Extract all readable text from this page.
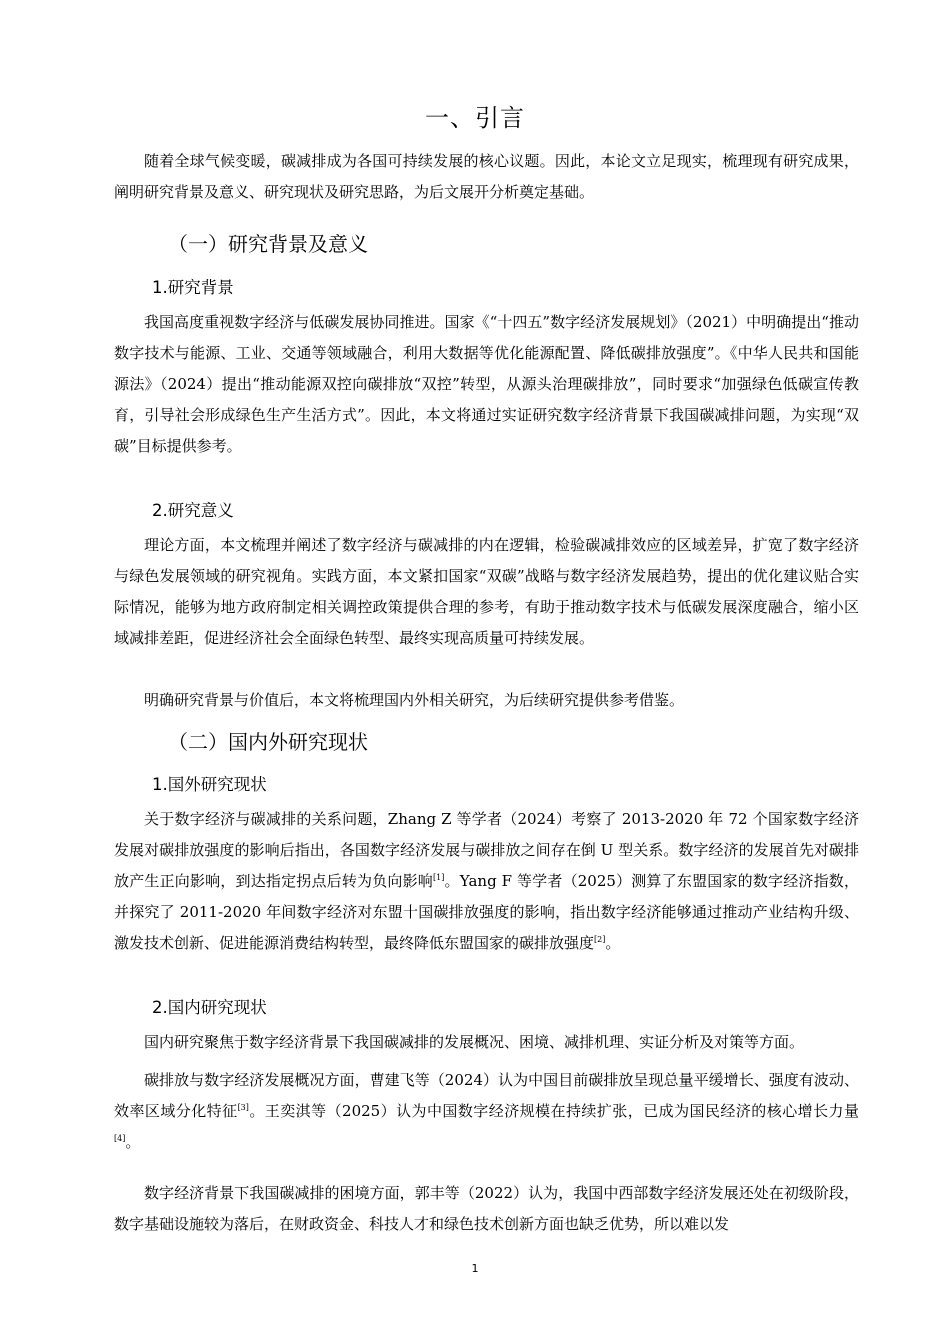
一、引言

随着全球气候变暖，碳减排成为各国可持续发展的核心议题。因此，本论文立足现实，梳理现有研究成果，阐明研究背景及意义、研究现状及研究思路，为后文展开分析奠定基础。

（一）研究背景及意义
1.研究背景

我国高度重视数字经济与低碳发展协同推进。国家《“十四五”数字经济发展规划》（2021）中明确提出“推动数字技术与能源、工业、交通等领域融合，利用大数据等优化能源配置、降低碳排放强度”。《中华人民共和国能源法》（2024）提出“推动能源双控向碳排放“双控”转型，从源头治理碳排放”，同时要求“加强绿色低碳宣传教育，引导社会形成绿色生产生活方式”。因此，本文将通过实证研究数字经济背景下我国碳减排问题，为实现“双碳”目标提供参考。

2.研究意义

理论方面，本文梳理并阐述了数字经济与碳减排的内在逻辑，检验碳减排效应的区域差异，扩宽了数字经济与绿色发展领域的研究视角。实践方面，本文紧扣国家“双碳”战略与数字经济发展趋势，提出的优化建议贴合实际情况，能够为地方政府制定相关调控政策提供合理的参考，有助于推动数字技术与低碳发展深度融合，缩小区域减排差距，促进经济社会全面绿色转型、最终实现高质量可持续发展。

明确研究背景与价值后，本文将梳理国内外相关研究，为后续研究提供参考借鉴。

（二）国内外研究现状
1.国外研究现状

关于数字经济与碳减排的关系问题，Zhang Z 等学者（2024）考察了 2013-2020 年 72 个国家数字经济发展对碳排放强度的影响后指出，各国数字经济发展与碳排放之间存在倒 U 型关系。数字经济的发展首先对碳排放产生正向影响，到达指定拐点后转为负向影响[1]。Yang F 等学者（2025）测算了东盟国家的数字经济指数，并探究了 2011-2020 年间数字经济对东盟十国碳排放强度的影响，指出数字经济能够通过推动产业结构升级、激发技术创新、促进能源消费结构转型，最终降低东盟国家的碳排放强度[2]。

2.国内研究现状

国内研究聚焦于数字经济背景下我国碳减排的发展概况、困境、减排机理、实证分析及对策等方面。

碳排放与数字经济发展概况方面，曹建飞等（2024）认为中国目前碳排放呈现总量平缓增长、强度有波动、效率区域分化特征[3]。王奕淇等（2025）认为中国数字经济规模在持续扩张，已成为国民经济的核心增长力量[4]。

数字经济背景下我国碳减排的困境方面，郭丰等（2022）认为，我国中西部数字经济发展还处在初级阶段，数字基础设施较为落后，在财政资金、科技人才和绿色技术创新方面也缺乏优势，所以难以发

1
